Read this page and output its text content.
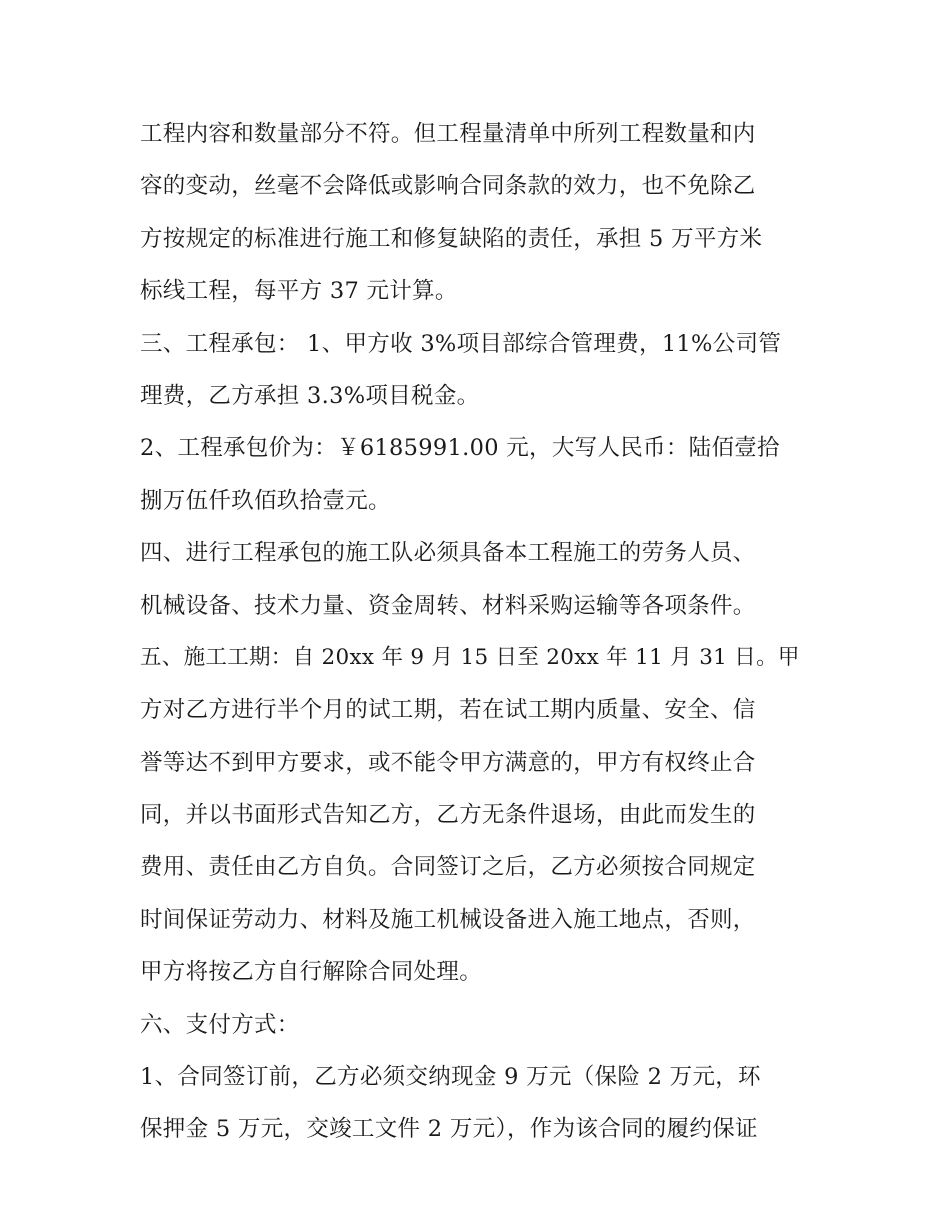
工程内容和数量部分不符。但工程量清单中所列工程数量和内
容的变动，丝毫不会降低或影响合同条款的效力，也不免除乙
方按规定的标准进行施工和修复缺陷的责任，承担 5 万平方米
标线工程，每平方 37 元计算。
三、工程承包： 1、甲方收 3%项目部综合管理费，11%公司管
理费，乙方承担 3.3%项目税金。
2、工程承包价为：￥6185991.00 元，大写人民币：陆佰壹拾
捌万伍仟玖佰玖拾壹元。
四、进行工程承包的施工队必须具备本工程施工的劳务人员、
机械设备、技术力量、资金周转、材料采购运输等各项条件。
五、施工工期：自 20xx 年 9 月 15 日至 20xx 年 11 月 31 日。甲
方对乙方进行半个月的试工期，若在试工期内质量、安全、信
誉等达不到甲方要求，或不能令甲方满意的，甲方有权终止合
同，并以书面形式告知乙方，乙方无条件退场，由此而发生的
费用、责任由乙方自负。合同签订之后，乙方必须按合同规定
时间保证劳动力、材料及施工机械设备进入施工地点，否则，
甲方将按乙方自行解除合同处理。
六、支付方式：
1、合同签订前，乙方必须交纳现金 9 万元（保险 2 万元，环
保押金 5 万元，交竣工文件 2 万元），作为该合同的履约保证
